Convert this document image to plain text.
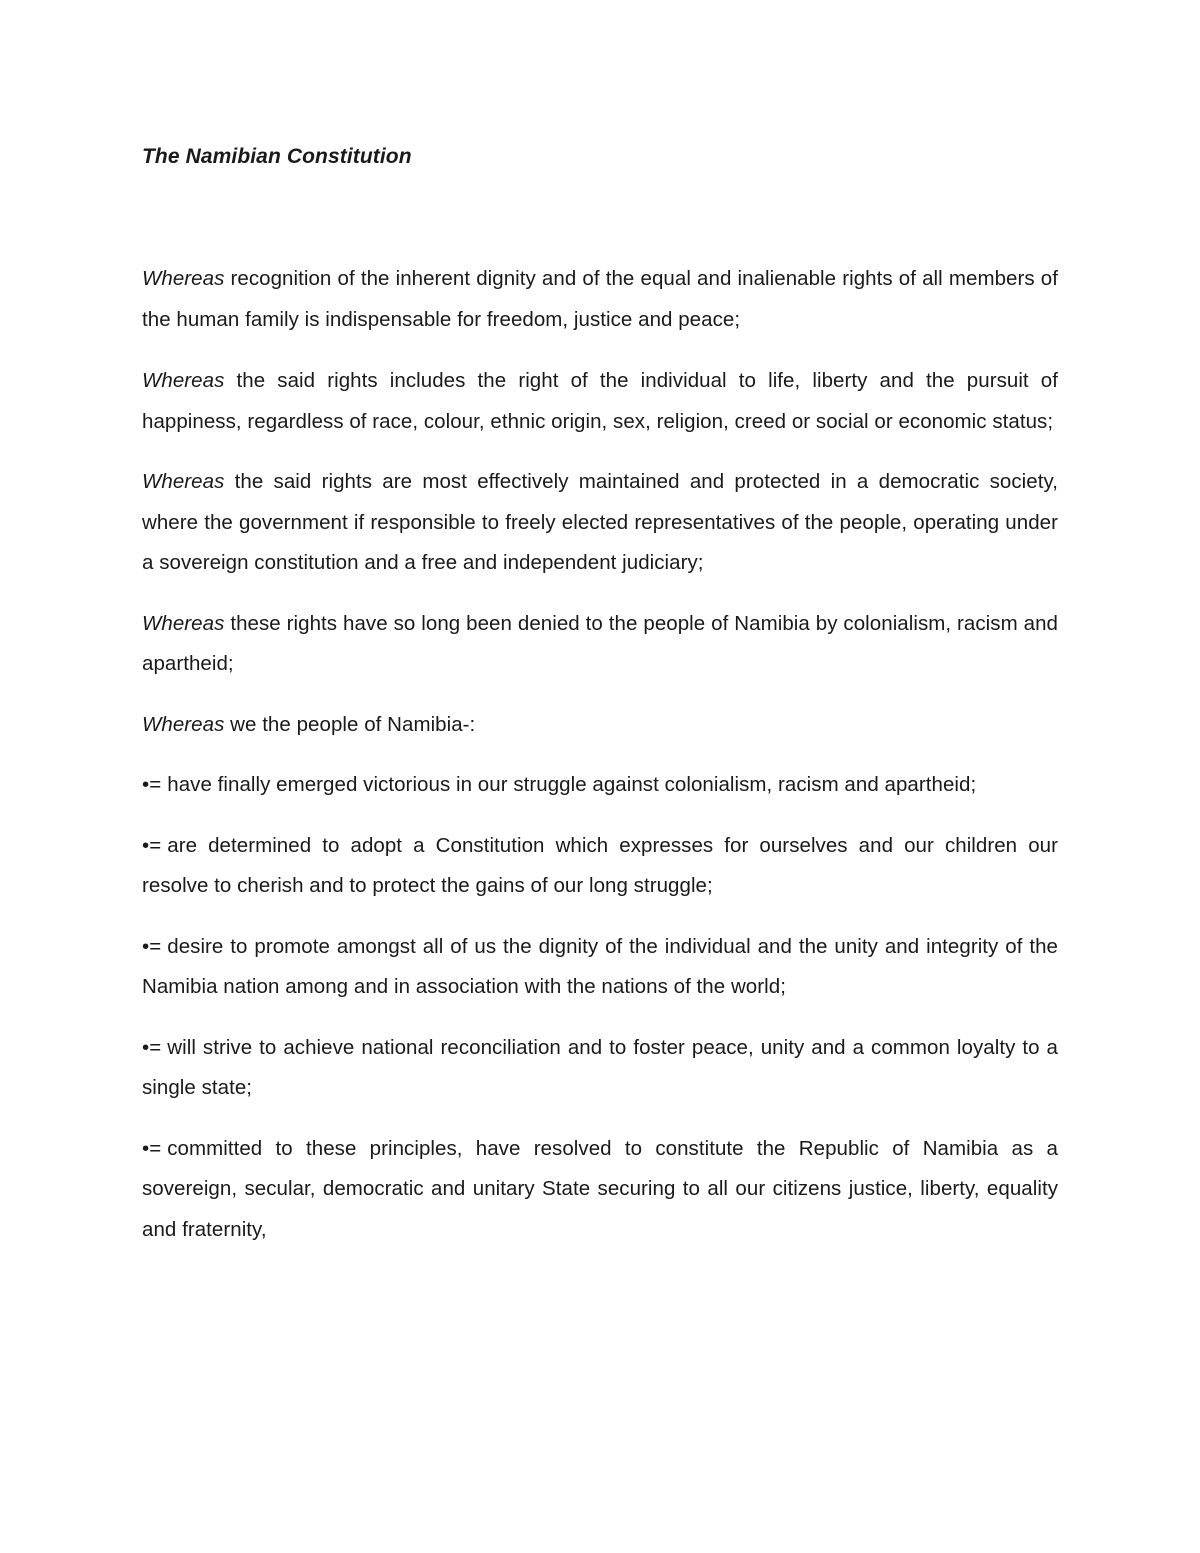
The Namibian Constitution

Whereas recognition of the inherent dignity and of the equal and inalienable rights of all members of the human family is indispensable for freedom, justice and peace;

Whereas the said rights includes the right of the individual to life, liberty and the pursuit of happiness, regardless of race, colour, ethnic origin, sex, religion, creed or social or economic status;

Whereas the said rights are most effectively maintained and protected in a democratic society, where the government if responsible to freely elected representatives of the people, operating under a sovereign constitution and a free and independent judiciary;

Whereas these rights have so long been denied to the people of Namibia by colonialism, racism and apartheid;

Whereas we the people of Namibia-:

•= have finally emerged victorious in our struggle against colonialism, racism and apartheid;

•= are determined to adopt a Constitution which expresses for ourselves and our children our resolve to cherish and to protect the gains of our long struggle;

•= desire to promote amongst all of us the dignity of the individual and the unity and integrity of the Namibia nation among and in association with the nations of the world;

•= will strive to achieve national reconciliation and to foster peace, unity and a common loyalty to a single state;

•= committed to these principles, have resolved to constitute the Republic of Namibia as a sovereign, secular, democratic and unitary State securing to all our citizens justice, liberty, equality and fraternity,
